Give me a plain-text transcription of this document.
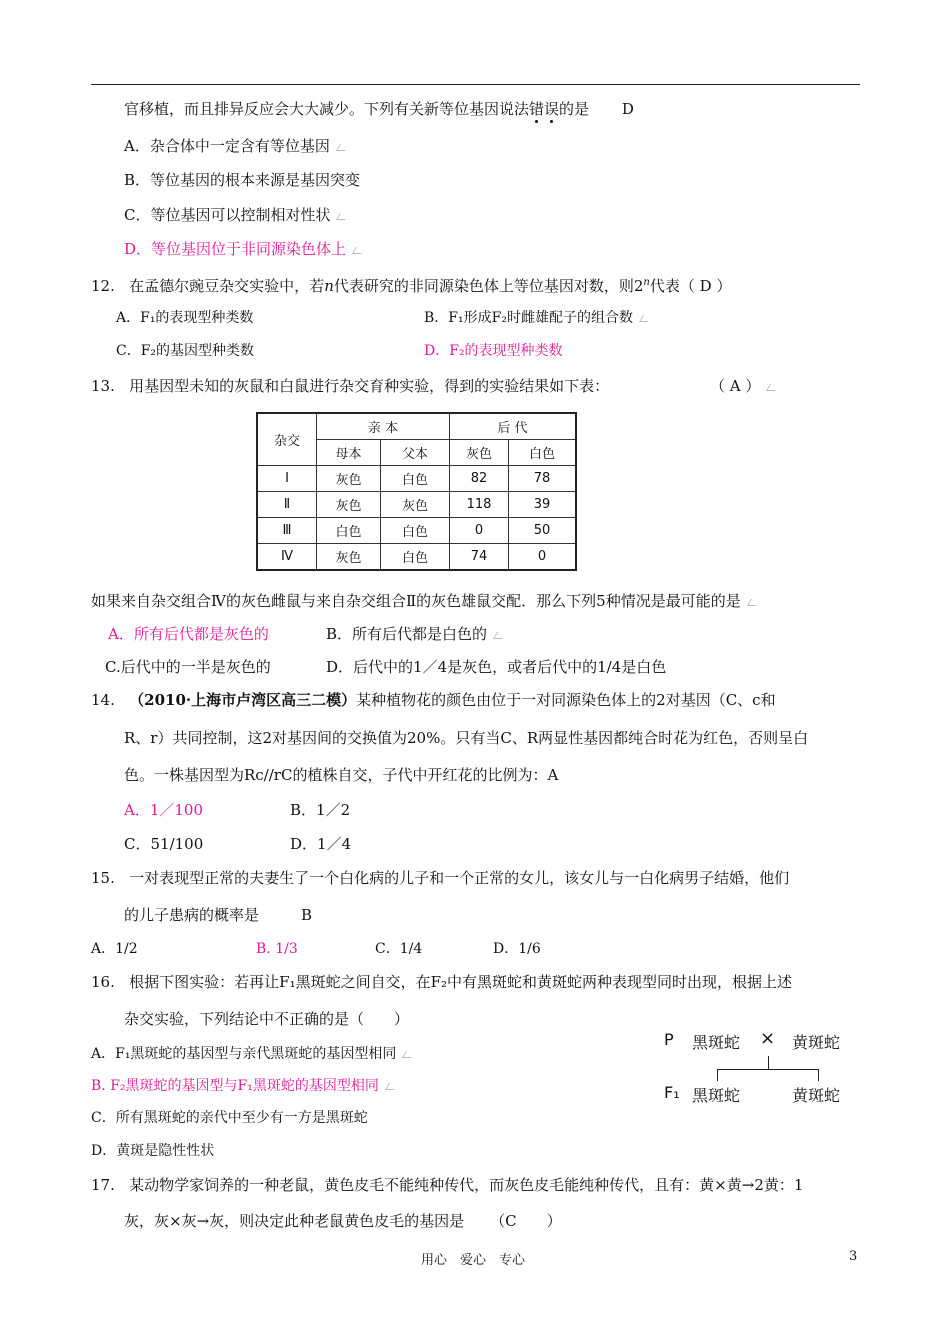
官移植，而且排异反应会大大减少。下列有关新等位基因说法错误的是 D
A．杂合体中一定含有等位基因
B．等位基因的根本来源是基因突变
C．等位基因可以控制相对性状
D．等位基因位于非同源染色体上
12. 在孟德尔豌豆杂交实验中，若n代表研究的非同源染色体上等位基因对数，则2$^n$代表（ D ）
A．F₁的表现型种类数	B．F₁形成F₂时雌雄配子的组合数
C．F₂的基因型种类数	D．F₂的表现型种类数
13. 用基因型未知的灰鼠和白鼠进行杂交育种实验，得到的实验结果如下表：	（ A ）
杂交	亲 本		后 代	
	母本	父本	灰色	白色
Ⅰ	灰色	白色	82	78
Ⅱ	灰色	灰色	118	39
Ⅲ	白色	白色	0	50
Ⅳ	灰色	白色	74	0
如果来自杂交组合Ⅳ的灰色雌鼠与来自杂交组合Ⅱ的灰色雄鼠交配．那么下列5种情况是最可能的是
A．所有后代都是灰色的	B．所有后代都是白色的
C.后代中的一半是灰色的	D．后代中的1／4是灰色，或者后代中的1/4是白色
14. （2010·上海市卢湾区高三二模）某种植物花的颜色由位于一对同源染色体上的2对基因（C、c和
R、r）共同控制，这2对基因间的交换值为20%。只有当C、R两显性基因都纯合时花为红色，否则呈白
色。一株基因型为Rc//rC的植株自交，子代中开红花的比例为：A
A．1／100	B．1／2
C．51/100	D．1／4
15. 一对表现型正常的夫妻生了一个白化病的儿子和一个正常的女儿，该女儿与一白化病男子结婚，他们
的儿子患病的概率是	B
A．1/2	B. 1/3	C．1/4	D．1/6
16. 根据下图实验：若再让F₁黑斑蛇之间自交，在F₂中有黑斑蛇和黄斑蛇两种表现型同时出现，根据上述
杂交实验，下列结论中不正确的是（　　）
A．F₁黑斑蛇的基因型与亲代黑斑蛇的基因型相同
B. F₂黑斑蛇的基因型与F₁黑斑蛇的基因型相同
C．所有黑斑蛇的亲代中至少有一方是黑斑蛇
D．黄斑是隐性性状
P 黑斑蛇 × 黄斑蛇
F₁ 黑斑蛇	黄斑蛇
17. 某动物学家饲养的一种老鼠，黄色皮毛不能纯种传代，而灰色皮毛能纯种传代，且有：黄×黄→2黄：1
灰，灰×灰→灰，则决定此种老鼠黄色皮毛的基因是 （C　　）
用心　爱心　专心	3
